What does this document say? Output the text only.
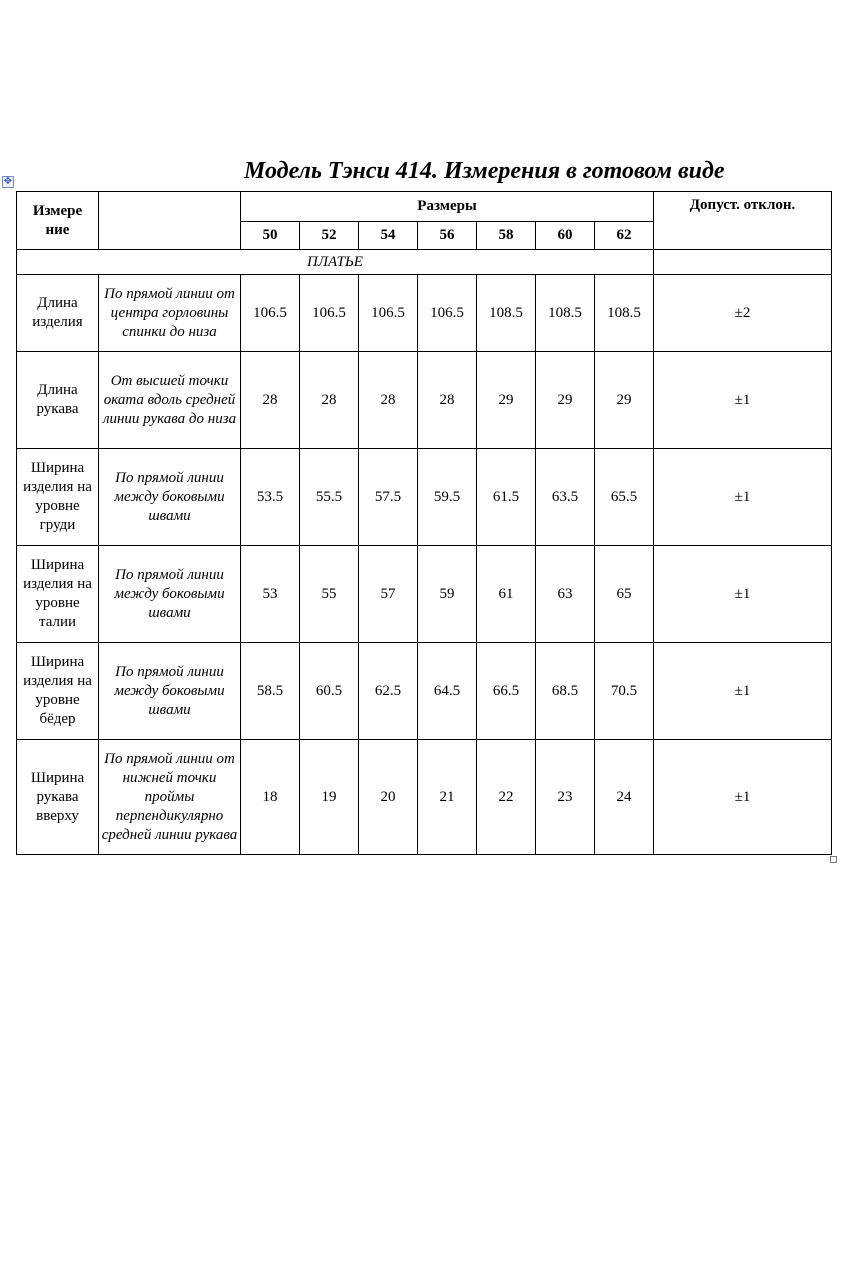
Модель Тэнси 414. Измерения в готовом виде
✥
Измере ние		Размеры							Допуст. отклон.
		50	52	54	56	58	60	62	
ПЛАТЬЕ									
Длина изделия	По прямой линии от центра горловины спинки до низа	106.5	106.5	106.5	106.5	108.5	108.5	108.5	±2
Длина рукава	От высшей точки оката вдоль средней линии рукава до низа	28	28	28	28	29	29	29	±1
Ширина изделия на уровне груди	По прямой линии между боковыми швами	53.5	55.5	57.5	59.5	61.5	63.5	65.5	±1
Ширина изделия на уровне талии	По прямой линии между боковыми швами	53	55	57	59	61	63	65	±1
Ширина изделия на уровне бёдер	По прямой линии между боковыми швами	58.5	60.5	62.5	64.5	66.5	68.5	70.5	±1
Ширина рукава вверху	По прямой линии от нижней точки проймы перпендикулярно средней линии рукава	18	19	20	21	22	23	24	±1
